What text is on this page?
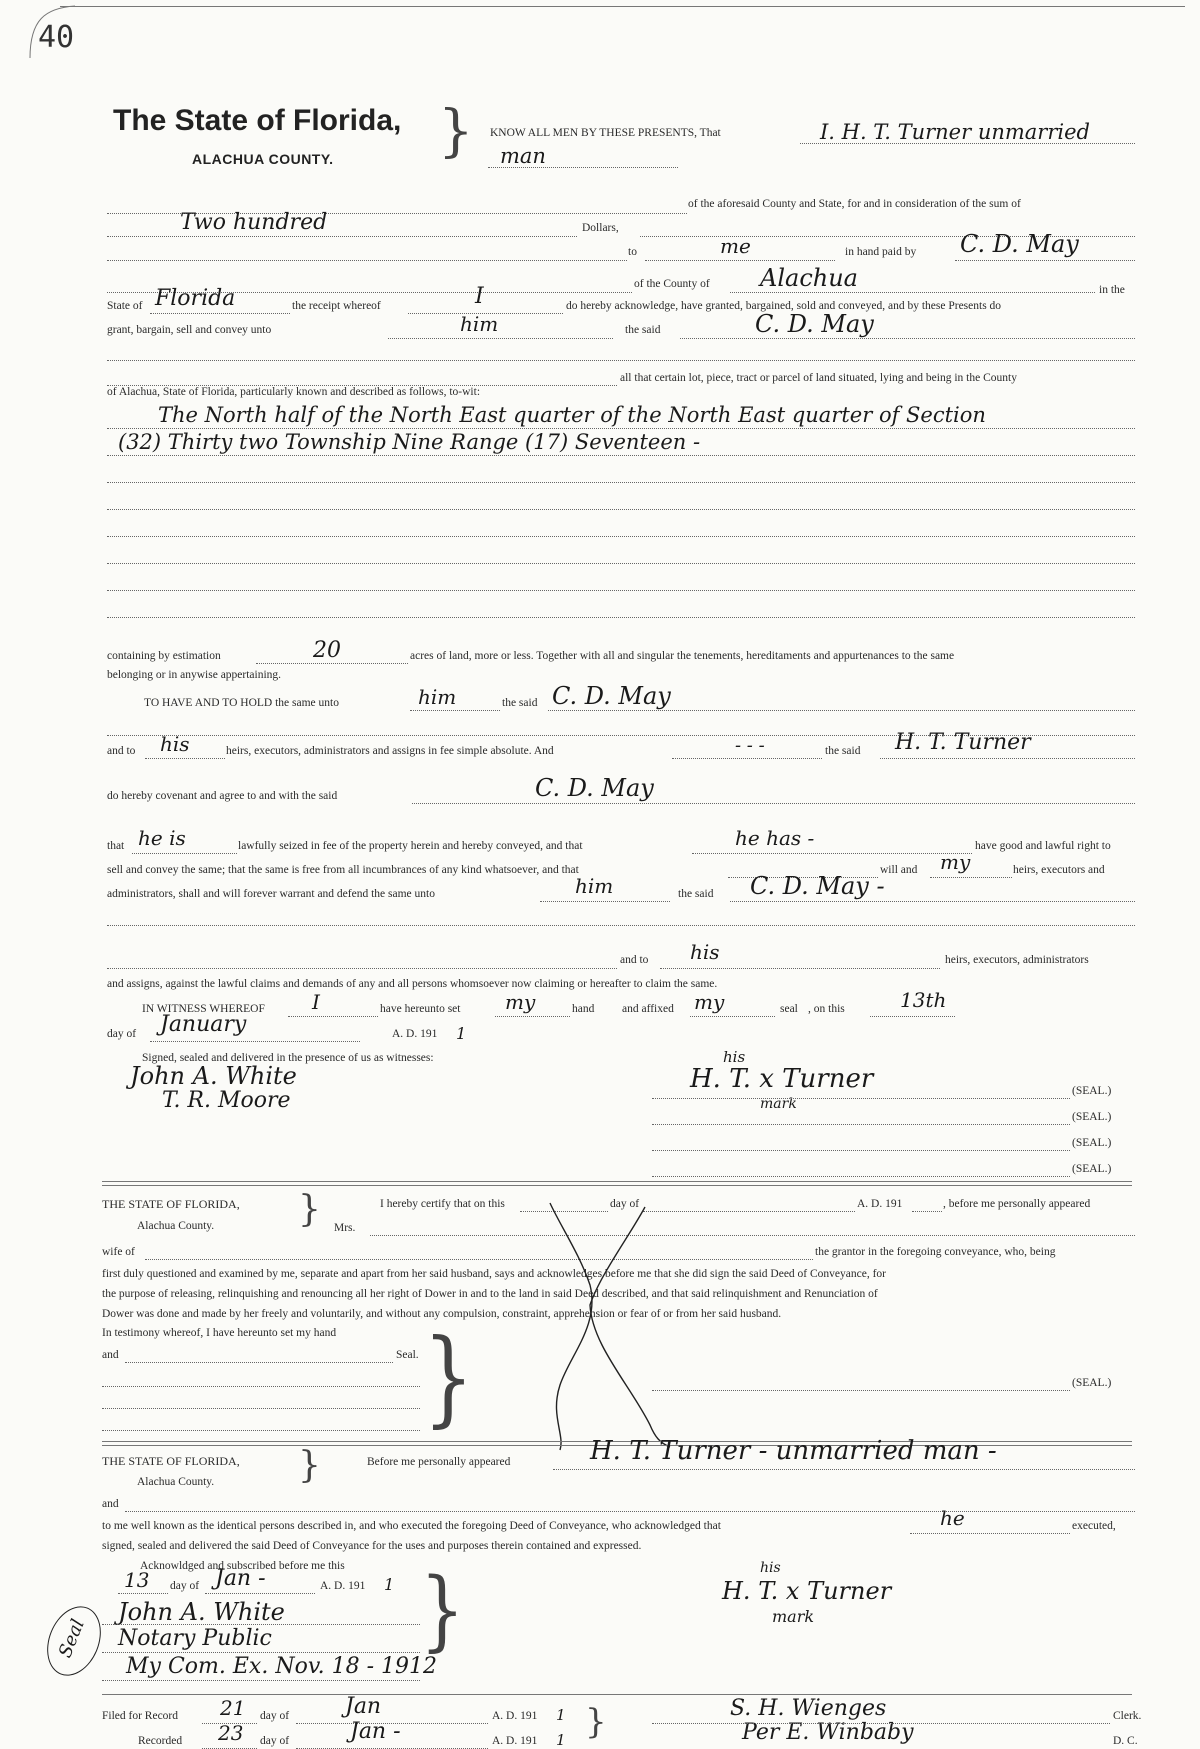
40
The State of Florida,
ALACHUA COUNTY. } KNOW ALL MEN BY THESE PRESENTS, That	I. H. T. Turner unmarried
man
of the aforesaid County and State, for and in consideration of the sum of
Two hundred	Dollars,
to	me	in hand paid by C. D. May
of the County of Alachua	in the
State of Florida	the receipt whereof	I	do hereby acknowledge, have granted, bargained, sold and conveyed, and by these Presents do
grant, bargain, sell and convey unto	him	the said	C. D. May
all that certain lot, piece, tract or parcel of land situated, lying and being in the County
of Alachua, State of Florida, particularly known and described as follows, to-wit:
The North half of the North East quarter of the North East quarter of Section
(32) Thirty two Township Nine Range (17) Seventeen -
containing by estimation	20	acres of land, more or less. Together with all and singular the tenements, hereditaments and appurtenances to the same
belonging or in anywise appertaining.
TO HAVE AND TO HOLD the same unto	him	the said C. D. May
and to his	heirs, executors, administrators and assigns in fee simple absolute. And	- - -	the said H. T. Turner
do hereby covenant and agree to and with the said	C. D. May
that he is	lawfully seized in fee of the property herein and hereby conveyed, and that	he has -	have good and lawful right to
sell and convey the same; that the same is free from all incumbrances of any kind whatsoever, and that	will and my	heirs, executors and
administrators, shall and will forever warrant and defend the same unto	him	the said C. D. May -
and to his	heirs, executors, administrators
and assigns, against the lawful claims and demands of any and all persons whomsoever now claiming or hereafter to claim the same.
IN WITNESS WHEREOF I	have hereunto set my	hand and affixed my	seal , on this	13th
day of January	A. D. 191 1
Signed, sealed and delivered in the presence of us as witnesses:
John A. White
T. R. Moore
H. T. x Turner
his
mark
(SEAL.)
(SEAL.)
(SEAL.)
(SEAL.)
THE STATE OF FLORIDA,
Alachua County. }	I hereby certify that on this	day of	A. D. 191	, before me personally appeared
Mrs.
wife of	the grantor in the foregoing conveyance, who, being
first duly questioned and examined by me, separate and apart from her said husband, says and acknowledges before me that she did sign the said Deed of Conveyance, for
the purpose of releasing, relinquishing and renouncing all her right of Dower in and to the land in said Deed described, and that said relinquishment and Renunciation of
Dower was done and made by her freely and voluntarily, and without any compulsion, constraint, apprehension or fear of or from her said husband.
In testimony whereof, I have hereunto set my hand
and	Seal. }	(SEAL.)
THE STATE OF FLORIDA,
Alachua County. }	Before me personally appeared	H. T. Turner - unmarried man -
and
to me well known as the identical persons described in, and who executed the foregoing Deed of Conveyance, who acknowledged that	he	executed,
signed, sealed and delivered the said Deed of Conveyance for the uses and purposes therein contained and expressed.
Acknowldged and subscribed before me this
13 day of Jan -	A. D. 191 1 }
John A. White
Notary Public
My Com. Ex. Nov. 18 - 1912
Seal
H. T. x Turner
his
mark
Filed for Record 21 day of	Jan	A. D. 191 1
Recorded 23 day of	Jan -	A. D. 191 1 }	S. H. Wienges
Per E. Winbaby
Clerk.
D. C.
